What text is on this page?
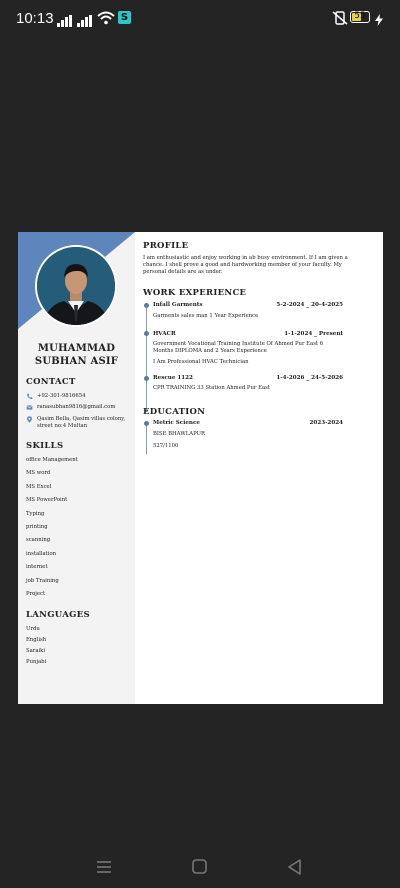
10:13	S	55
MUHAMMAD
SUBHAN ASIF
CONTACT
+92-301-9816654
ranasubhan9816@gmail.com
Qasim Bella, Qasim villas colony, street no:4 Multan
SKILLS
office Management
MS word
MS Excel
MS PowerPoint
Typing
printing
scanning
installation
internet
job Training
Project
LANGUAGES
Urdu
English
Saraiki
Punjabi
PROFILE
I am enthusiastic and enjoy working in ab busy environment. If I am given a chance. I shell prove a good and hardworking member of your faculty. My personal details are as under.
WORK EXPERIENCE
Infall Garments	5-2-2024 _ 20-4-2025
Garments sales man 1 Year Experience
HVACR	1-1-2024 _ Present
Government Vocational Training Institute Of Ahmed Pur East 6 Months DIPLOMA and 2 Years Experience
I Am Professional HVAC Technician
Rescue 1122	1-4-2026 _ 24-5-2026
CPR TRAINING 33 Station Ahmed Pur East
EDUCATION
Metric Science	2023-2024
BISE BHAWLAPUR
527/1100
